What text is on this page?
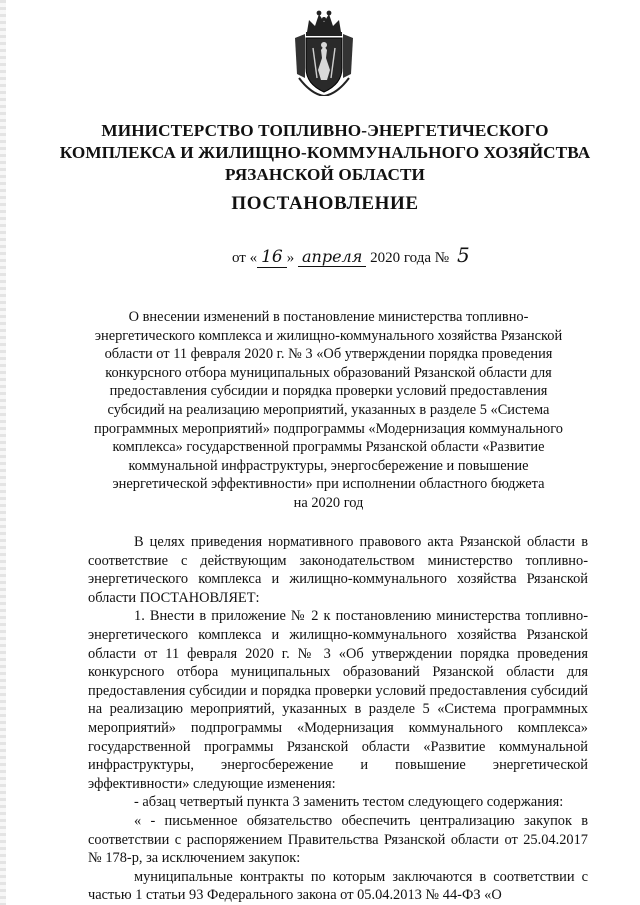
МИНИСТЕРСТВО ТОПЛИВНО-ЭНЕРГЕТИЧЕСКОГО
КОМПЛЕКСА И ЖИЛИЩНО-КОММУНАЛЬНОГО ХОЗЯЙСТВА
РЯЗАНСКОЙ ОБЛАСТИ
ПОСТАНОВЛЕНИЕ
от « 16 » апреля 2020 года № 5
О внесении изменений в постановление министерства топливно-
энергетического комплекса и жилищно-коммунального хозяйства Рязанской
области от 11 февраля 2020 г. № 3 «Об утверждении порядка проведения
конкурсного отбора муниципальных образований Рязанской области для
предоставления субсидии и порядка проверки условий предоставления
субсидий на реализацию мероприятий, указанных в разделе 5 «Система
программных мероприятий» подпрограммы «Модернизация коммунального
комплекса» государственной программы Рязанской области «Развитие
коммунальной инфраструктуры, энергосбережение и повышение
энергетической эффективности» при исполнении областного бюджета
на 2020 год

В целях приведения нормативного правового акта Рязанской области в соответствие с действующим законодательством министерство топливно-энергетического комплекса и жилищно-коммунального хозяйства Рязанской области ПОСТАНОВЛЯЕТ:

1. Внести в приложение № 2 к постановлению министерства топливно-энергетического комплекса и жилищно-коммунального хозяйства Рязанской области от 11 февраля 2020 г. № 3 «Об утверждении порядка проведения конкурсного отбора муниципальных образований Рязанской области для предоставления субсидии и порядка проверки условий предоставления субсидий на реализацию мероприятий, указанных в разделе 5 «Система программных мероприятий» подпрограммы «Модернизация коммунального комплекса» государственной программы Рязанской области «Развитие коммунальной инфраструктуры, энергосбережение и повышение энергетической эффективности» следующие изменения:

- абзац четвертый пункта 3 заменить тестом следующего содержания:

« - письменное обязательство обеспечить централизацию закупок в соответствии с распоряжением Правительства Рязанской области от 25.04.2017 № 178-р, за исключением закупок:

муниципальные контракты по которым заключаются в соответствии с частью 1 статьи 93 Федерального закона от 05.04.2013 № 44-ФЗ «О
